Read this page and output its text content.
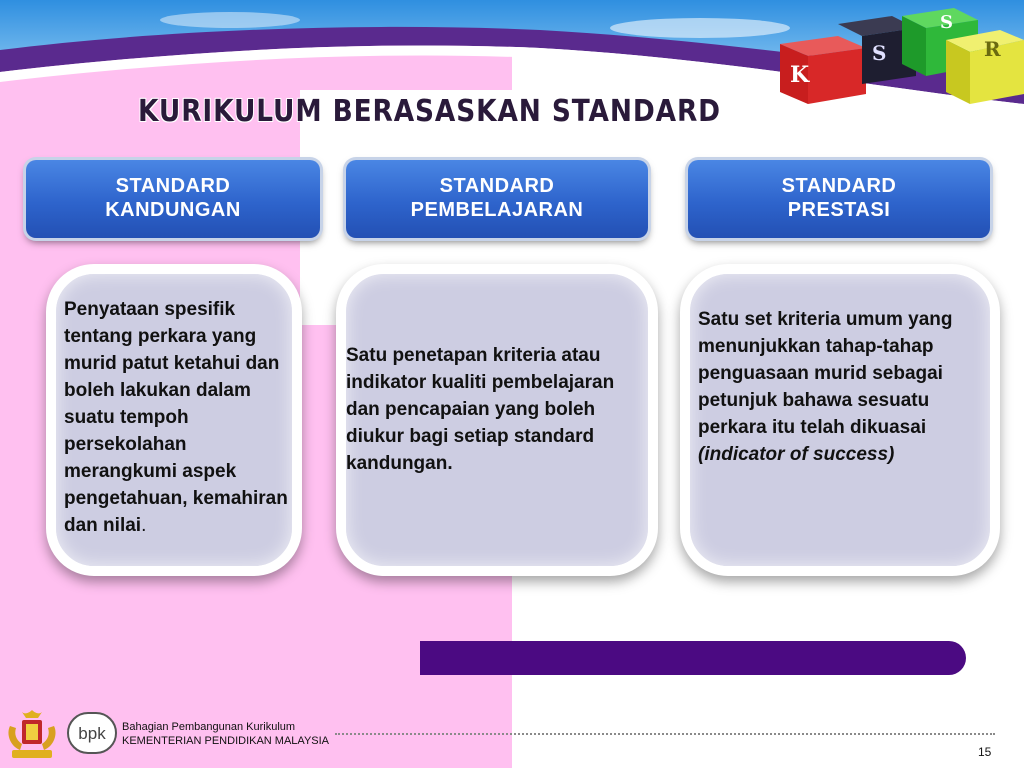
KURIKULUM BERASASKAN STANDARD
K
S
S
R
STANDARD
KANDUNGAN
STANDARD
PEMBELAJARAN
STANDARD
PRESTASI
Penyataan spesifik tentang perkara yang murid patut ketahui dan boleh lakukan dalam suatu tempoh persekolahan merangkumi aspek pengetahuan, kemahiran dan nilai.
Satu penetapan kriteria atau indikator kualiti pembelajaran dan pencapaian yang boleh diukur bagi setiap standard kandungan.
Satu set kriteria umum yang menunjukkan tahap-tahap penguasaan murid sebagai petunjuk bahawa sesuatu perkara itu telah dikuasai (indicator of success)
bpk Bahagian Pembangunan Kurikulum
KEMENTERIAN PENDIDIKAN MALAYSIA
15
